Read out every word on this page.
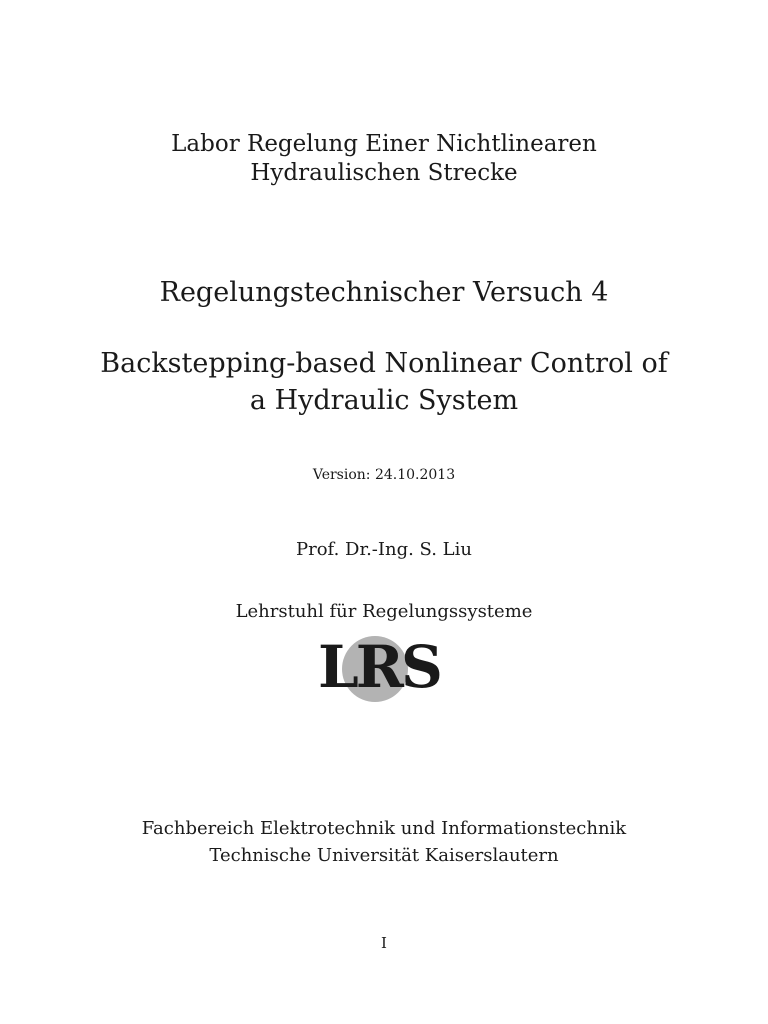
Labor Regelung Einer Nichtlinearen
Hydraulischen Strecke
Regelungstechnischer Versuch 4
Backstepping-based Nonlinear Control of
a Hydraulic System
Version: 24.10.2013
Prof. Dr.-Ing. S. Liu
Lehrstuhl für Regelungssysteme
LRS
Fachbereich Elektrotechnik und Informationstechnik
Technische Universität Kaiserslautern
I
